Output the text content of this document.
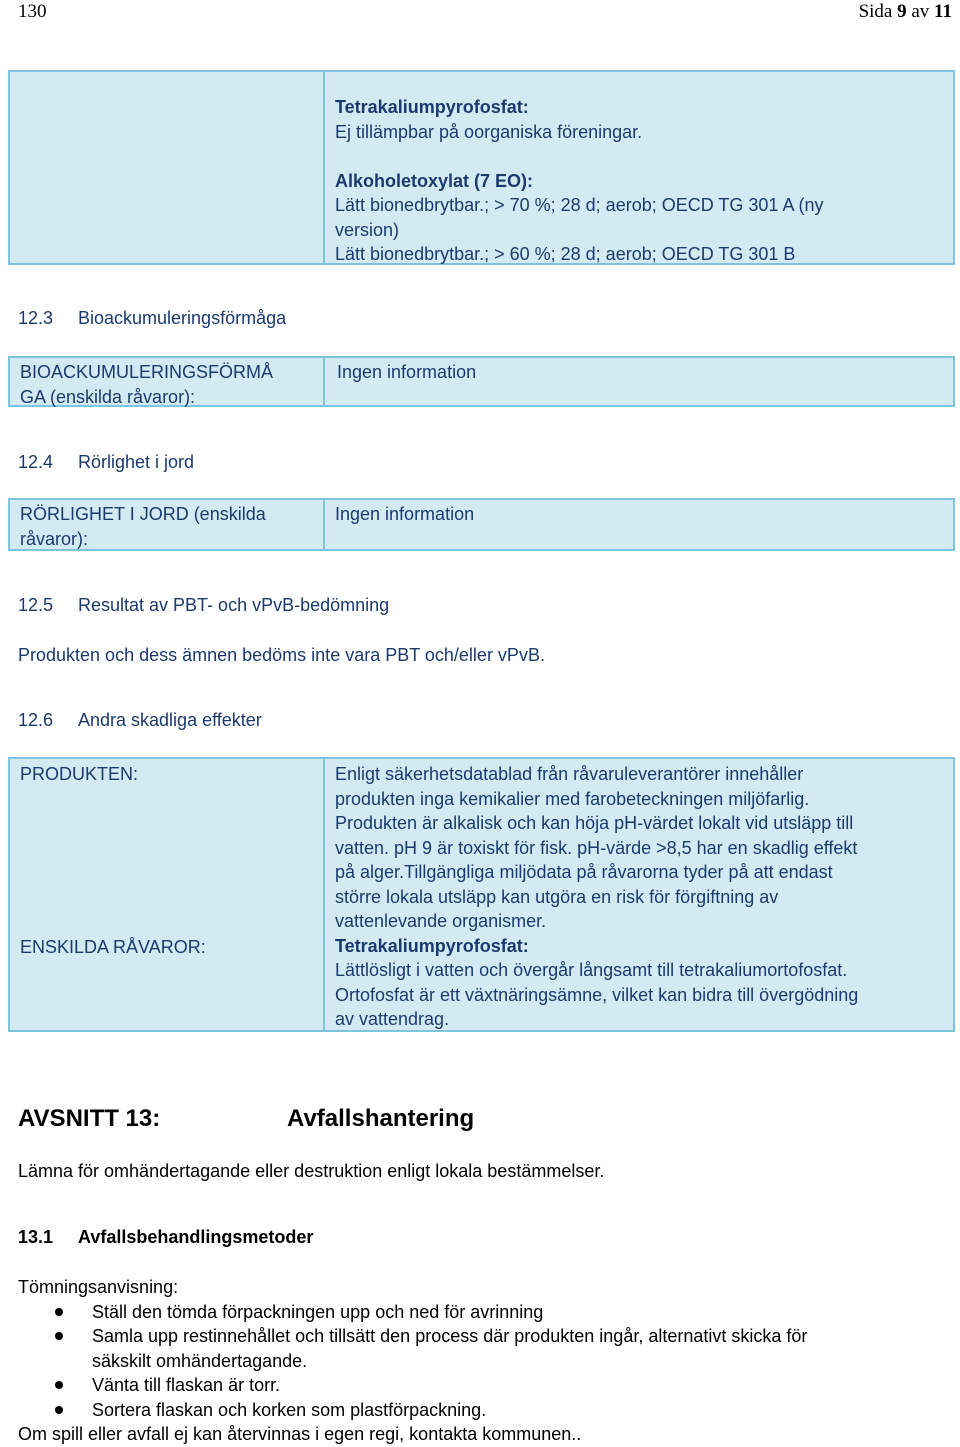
130	Sida 9 av 11
Tetrakaliumpyrofosfat:
Ej tillämpbar på oorganiska föreningar.
Alkoholetoxylat (7 EO):
Lätt bionedbrytbar.; > 70 %; 28 d; aerob; OECD TG 301 A (ny
version)
Lätt bionedbrytbar.; > 60 %; 28 d; aerob; OECD TG 301 B
12.3 Bioackumuleringsförmåga
BIOACKUMULERINGSFÖRMÅ
GA (enskilda råvaror):
Ingen information
12.4 Rörlighet i jord
RÖRLIGHET I JORD (enskilda
råvaror):
Ingen information
12.5 Resultat av PBT- och vPvB-bedömning
Produkten och dess ämnen bedöms inte vara PBT och/eller vPvB.
12.6 Andra skadliga effekter
PRODUKTEN:
ENSKILDA RÅVAROR:
Enligt säkerhetsdatablad från råvaruleverantörer innehåller
produkten inga kemikalier med farobeteckningen miljöfarlig.
Produkten är alkalisk och kan höja pH-värdet lokalt vid utsläpp till
vatten. pH 9 är toxiskt för fisk. pH-värde >8,5 har en skadlig effekt
på alger.Tillgängliga miljödata på råvarorna tyder på att endast
större lokala utsläpp kan utgöra en risk för förgiftning av
vattenlevande organismer.
Tetrakaliumpyrofosfat:
Lättlösligt i vatten och övergår långsamt till tetrakaliumortofosfat.
Ortofosfat är ett växtnäringsämne, vilket kan bidra till övergödning
av vattendrag.
AVSNITT 13:	Avfallshantering
Lämna för omhändertagande eller destruktion enligt lokala bestämmelser.
13.1 Avfallsbehandlingsmetoder
Tömningsanvisning:
Ställ den tömda förpackningen upp och ned för avrinning
Samla upp restinnehållet och tillsätt den process där produkten ingår, alternativt skicka för
säkskilt omhändertagande.
Vänta till flaskan är torr.
Sortera flaskan och korken som plastförpackning.
Om spill eller avfall ej kan återvinnas i egen regi, kontakta kommunen..
